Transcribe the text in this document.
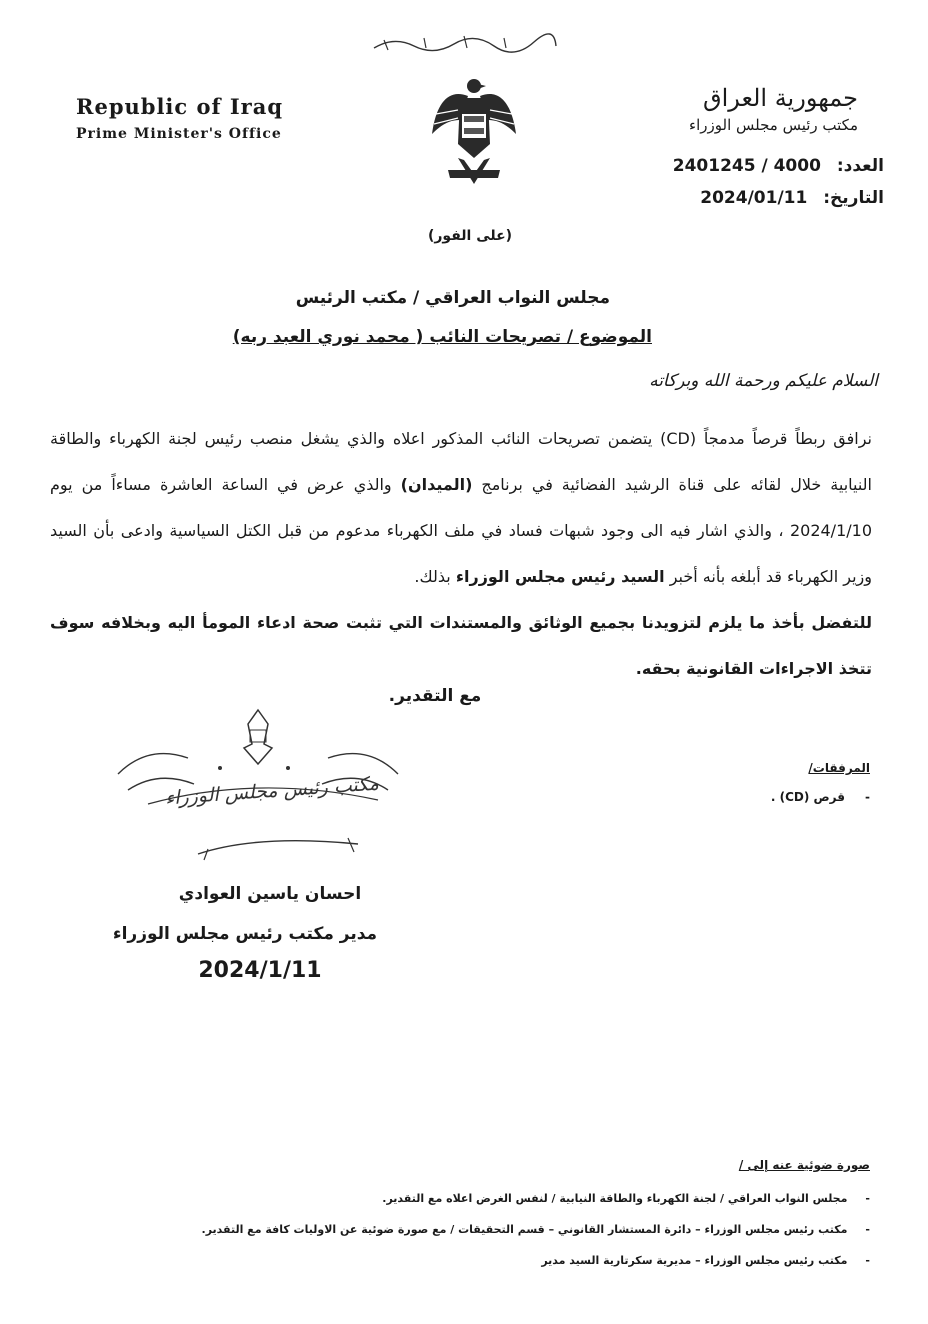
Republic of Iraq
Prime Minister's Office
جمهورية العراق
مكتب رئيس مجلس الوزراء
العدد: 2401245 / 4000
التاريخ: 2024/01/11
(على الفور)
مجلس النواب العراقي / مكتب الرئيس
الموضوع / تصريحات النائب ( محمد نوري العبد ربه)
السلام عليكم ورحمة الله وبركاته
نرافق ربطاً قرصاً مدمجاً (CD) يتضمن تصريحات النائب المذكور اعلاه والذي يشغل منصب رئيس لجنة الكهرباء والطاقة النيابية خلال لقائه على قناة الرشيد الفضائية في برنامج (الميدان) والذي عرض في الساعة العاشرة مساءاً من يوم 2024/1/10 ، والذي اشار فيه الى وجود شبهات فساد في ملف الكهرباء مدعوم من قبل الكتل السياسية وادعى بأن السيد وزير الكهرباء قد أبلغه بأنه أخبر السيد رئيس مجلس الوزراء بذلك.
للتفضل بأخذ ما يلزم لتزويدنا بجميع الوثائق والمستندات التي تثبت صحة ادعاء المومأ اليه وبخلافه سوف تتخذ الاجراءات القانونية بحقه.
مع التقدير.
مكتب رئيس مجلس الوزراء
المرفقات/
-قرص (CD) .
احسان ياسين العوادي
مدير مكتب رئيس مجلس الوزراء
2024/1/11
صورة ضوئية عنه إلى /
-مجلس النواب العراقي / لجنة الكهرباء والطاقة النيابية / لنفس الغرض اعلاه مع التقدير.
-مكتب رئيس مجلس الوزراء – دائرة المستشار القانوني – قسم التحقيقات / مع صورة ضوئية عن الاوليات كافة مع التقدير.
-مكتب رئيس مجلس الوزراء – مديرية سكرتارية السيد مدير
